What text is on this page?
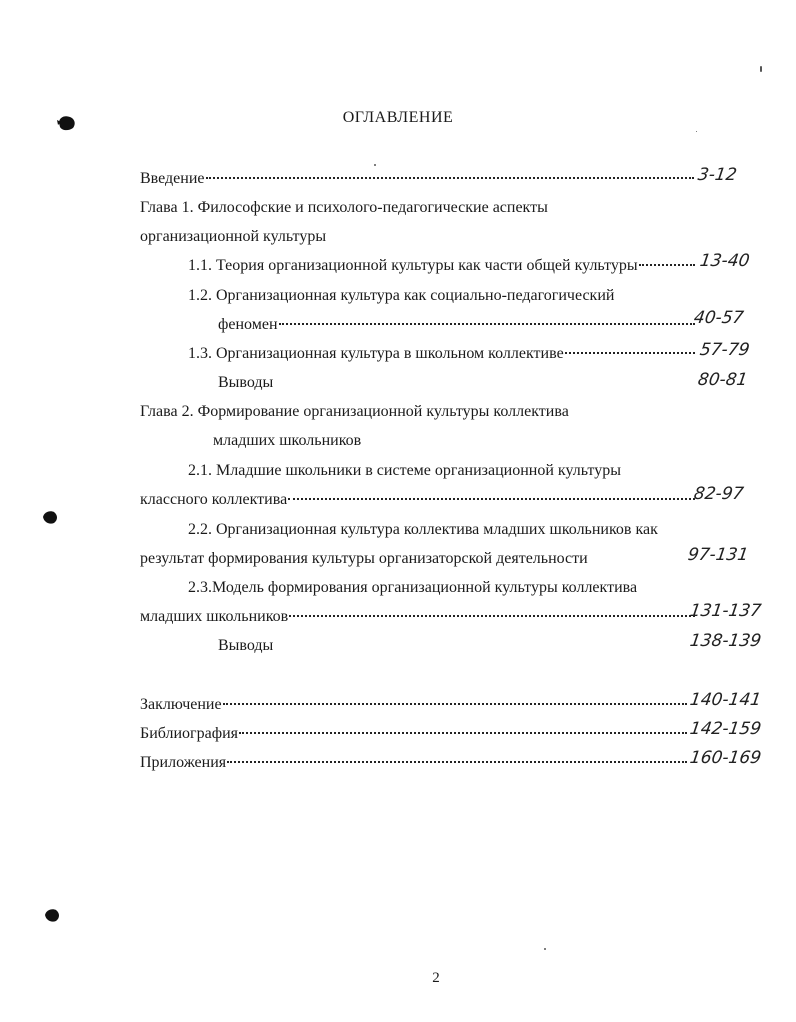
ОГЛАВЛЕНИЕ
Введение	3-12
Глава 1. Философские и психолого-педагогические аспекты
организационной культуры
1.1. Теория организационной культуры как части общей культуры	13-40
1.2. Организационная культура как социально-педагогический
феномен	40-57
1.3. Организационная культура в школьном коллективе	57-79
Выводы	80-81
Глава 2. Формирование организационной культуры коллектива
младших школьников
2.1. Младшие школьники в системе организационной культуры
классного коллектива	82-97
2.2. Организационная культура коллектива младших школьников как
результат формирования культуры организаторской деятельности	97-131
2.3.Модель формирования организационной культуры коллектива
младших школьников	131-137
Выводы	138-139
Заключение	140-141
Библиография	142-159
Приложения	160-169
2
